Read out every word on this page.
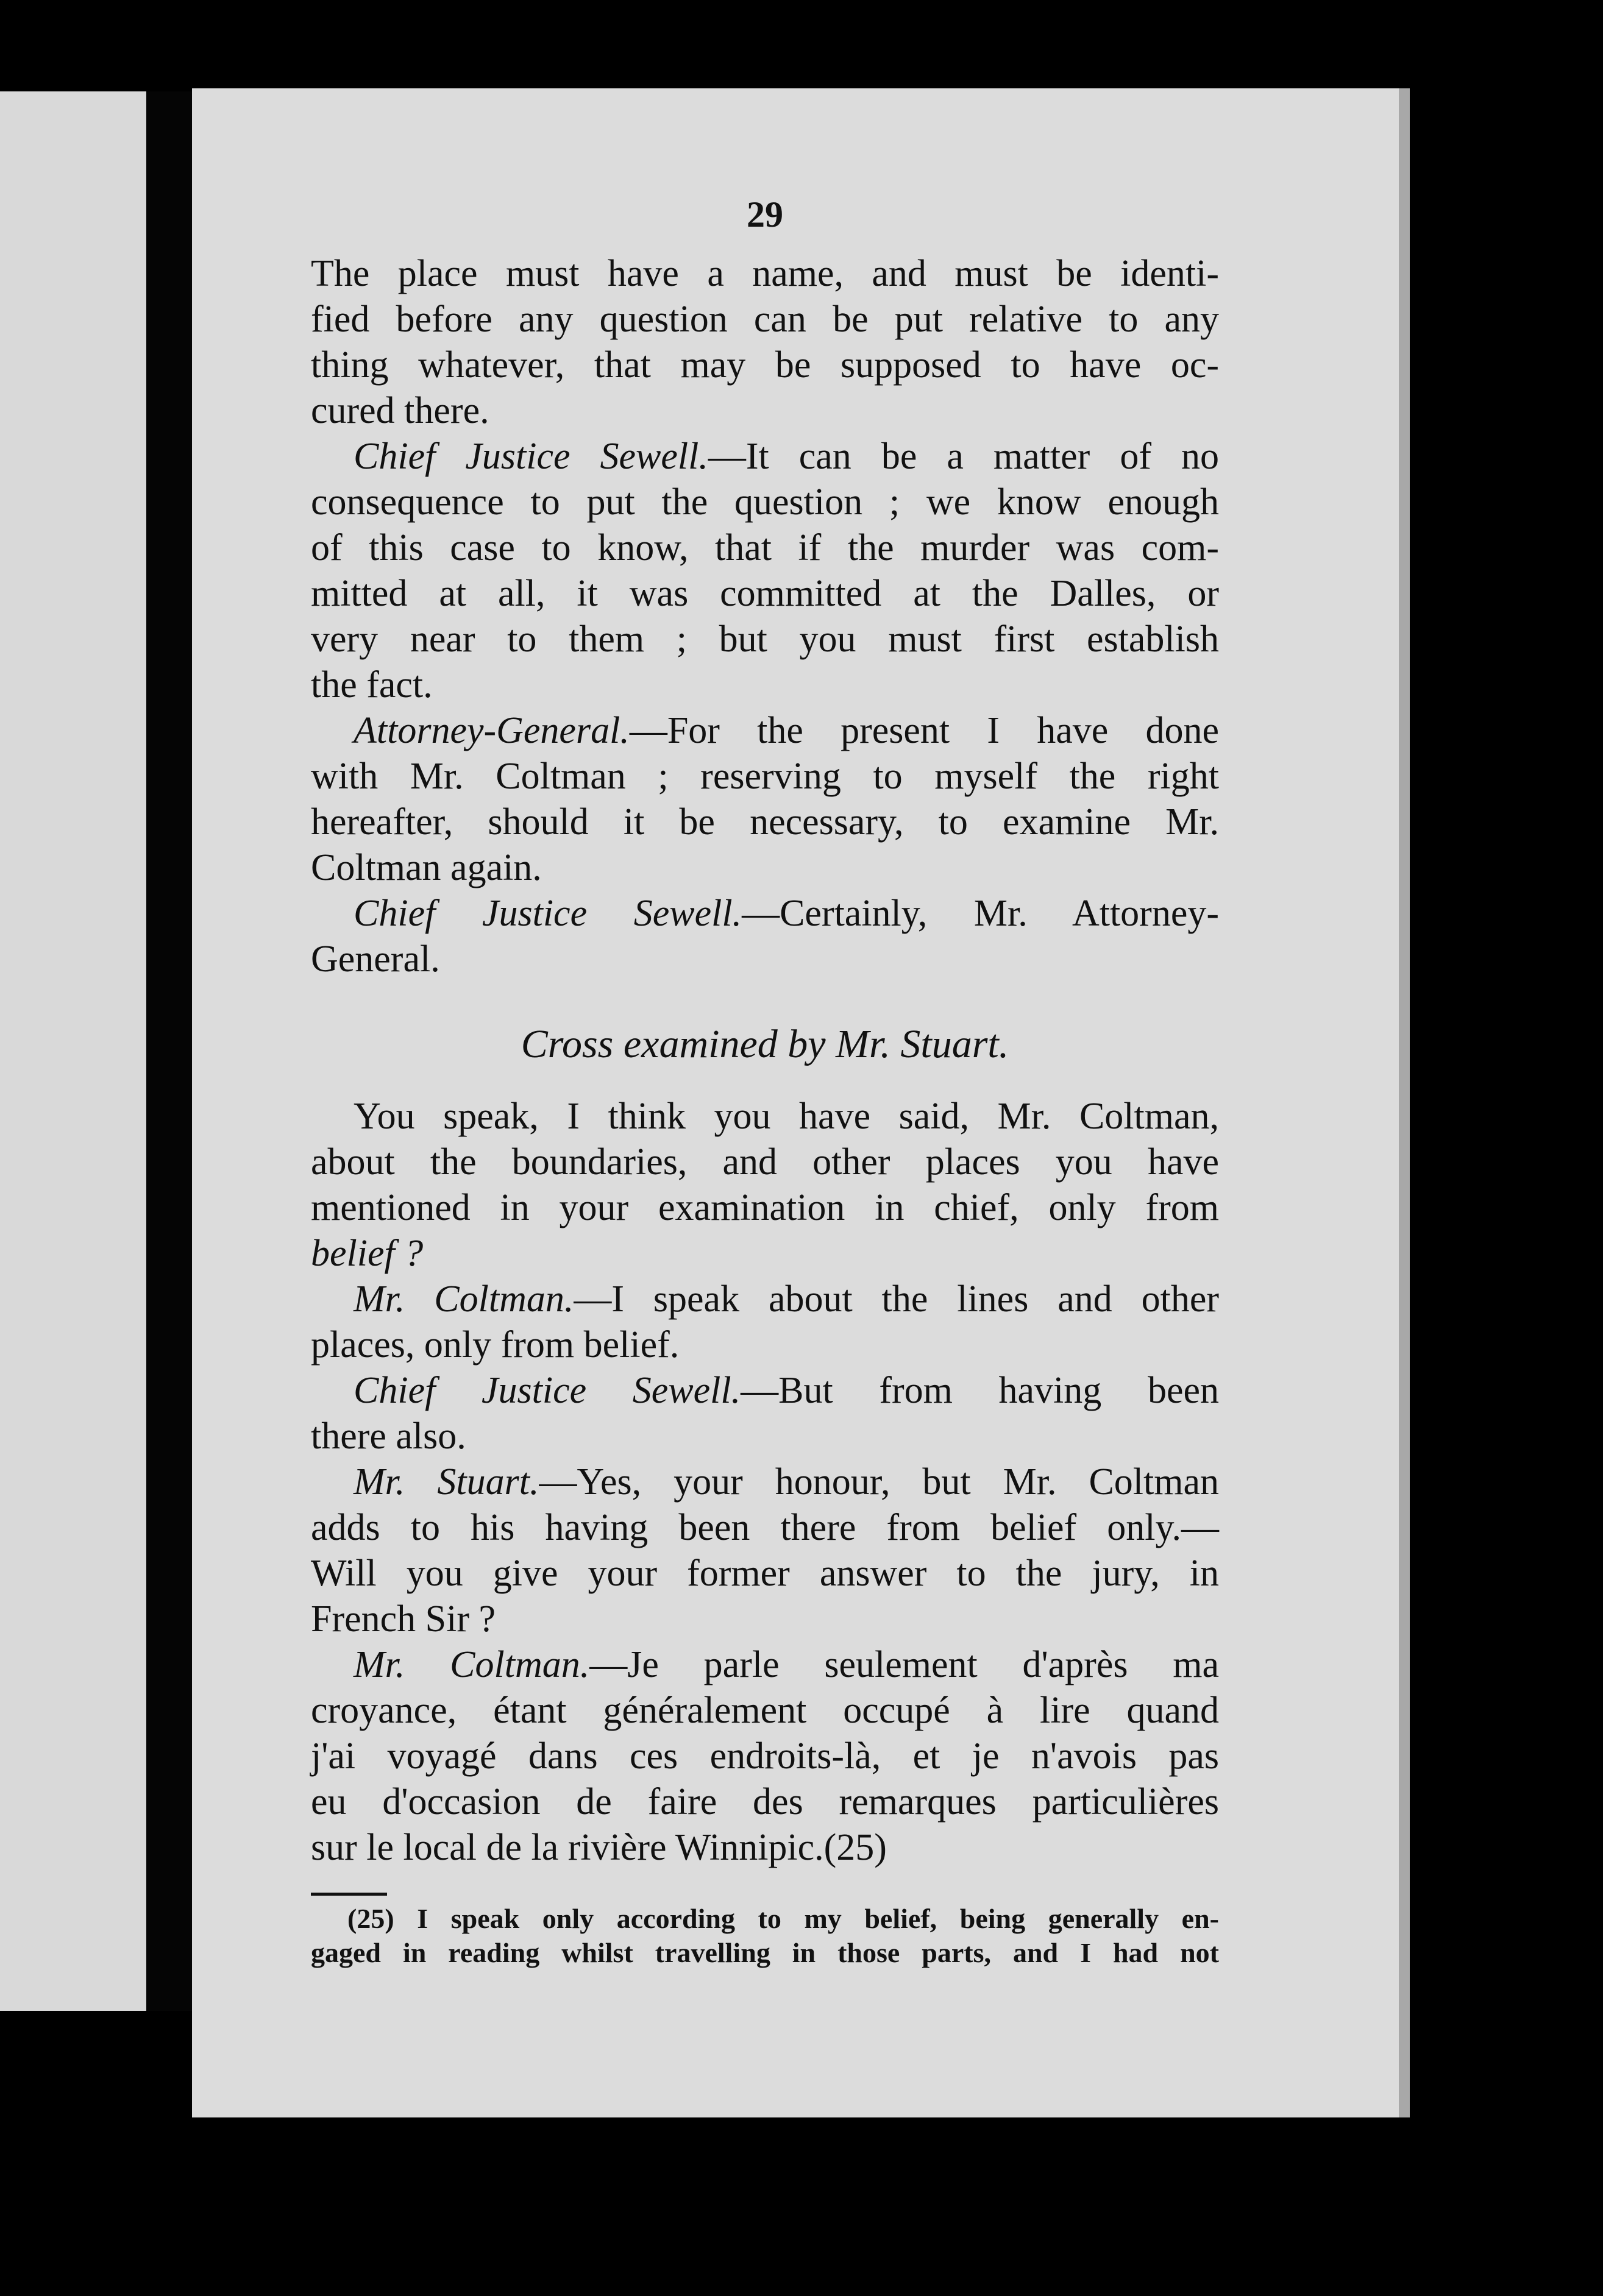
29
The place must have a name, and must be identi-
fied before any question can be put relative to any
thing whatever, that may be supposed to have oc-
cured there.
Chief Justice Sewell.—It can be a matter of no
consequence to put the question ; we know enough
of this case to know, that if the murder was com-
mitted at all, it was committed at the Dalles, or
very near to them ; but you must first establish
the fact.
Attorney-General.—For the present I have done
with Mr. Coltman ; reserving to myself the right
hereafter, should it be necessary, to examine Mr.
Coltman again.
Chief Justice Sewell.—Certainly, Mr. Attorney-
General.
Cross examined by Mr. Stuart.
You speak, I think you have said, Mr. Coltman,
about the boundaries, and other places you have
mentioned in your examination in chief, only from
belief ?
Mr. Coltman.—I speak about the lines and other
places, only from belief.
Chief Justice Sewell.—But from having been
there also.
Mr. Stuart.—Yes, your honour, but Mr. Coltman
adds to his having been there from belief only.—
Will you give your former answer to the jury, in
French Sir ?
Mr. Coltman.—Je parle seulement d'après ma
croyance, étant généralement occupé à lire quand
j'ai voyagé dans ces endroits-là, et je n'avois pas
eu d'occasion de faire des remarques particulières
sur le local de la rivière Winnipic.(25)
(25) I speak only according to my belief, being generally en-
gaged in reading whilst travelling in those parts, and I had not
